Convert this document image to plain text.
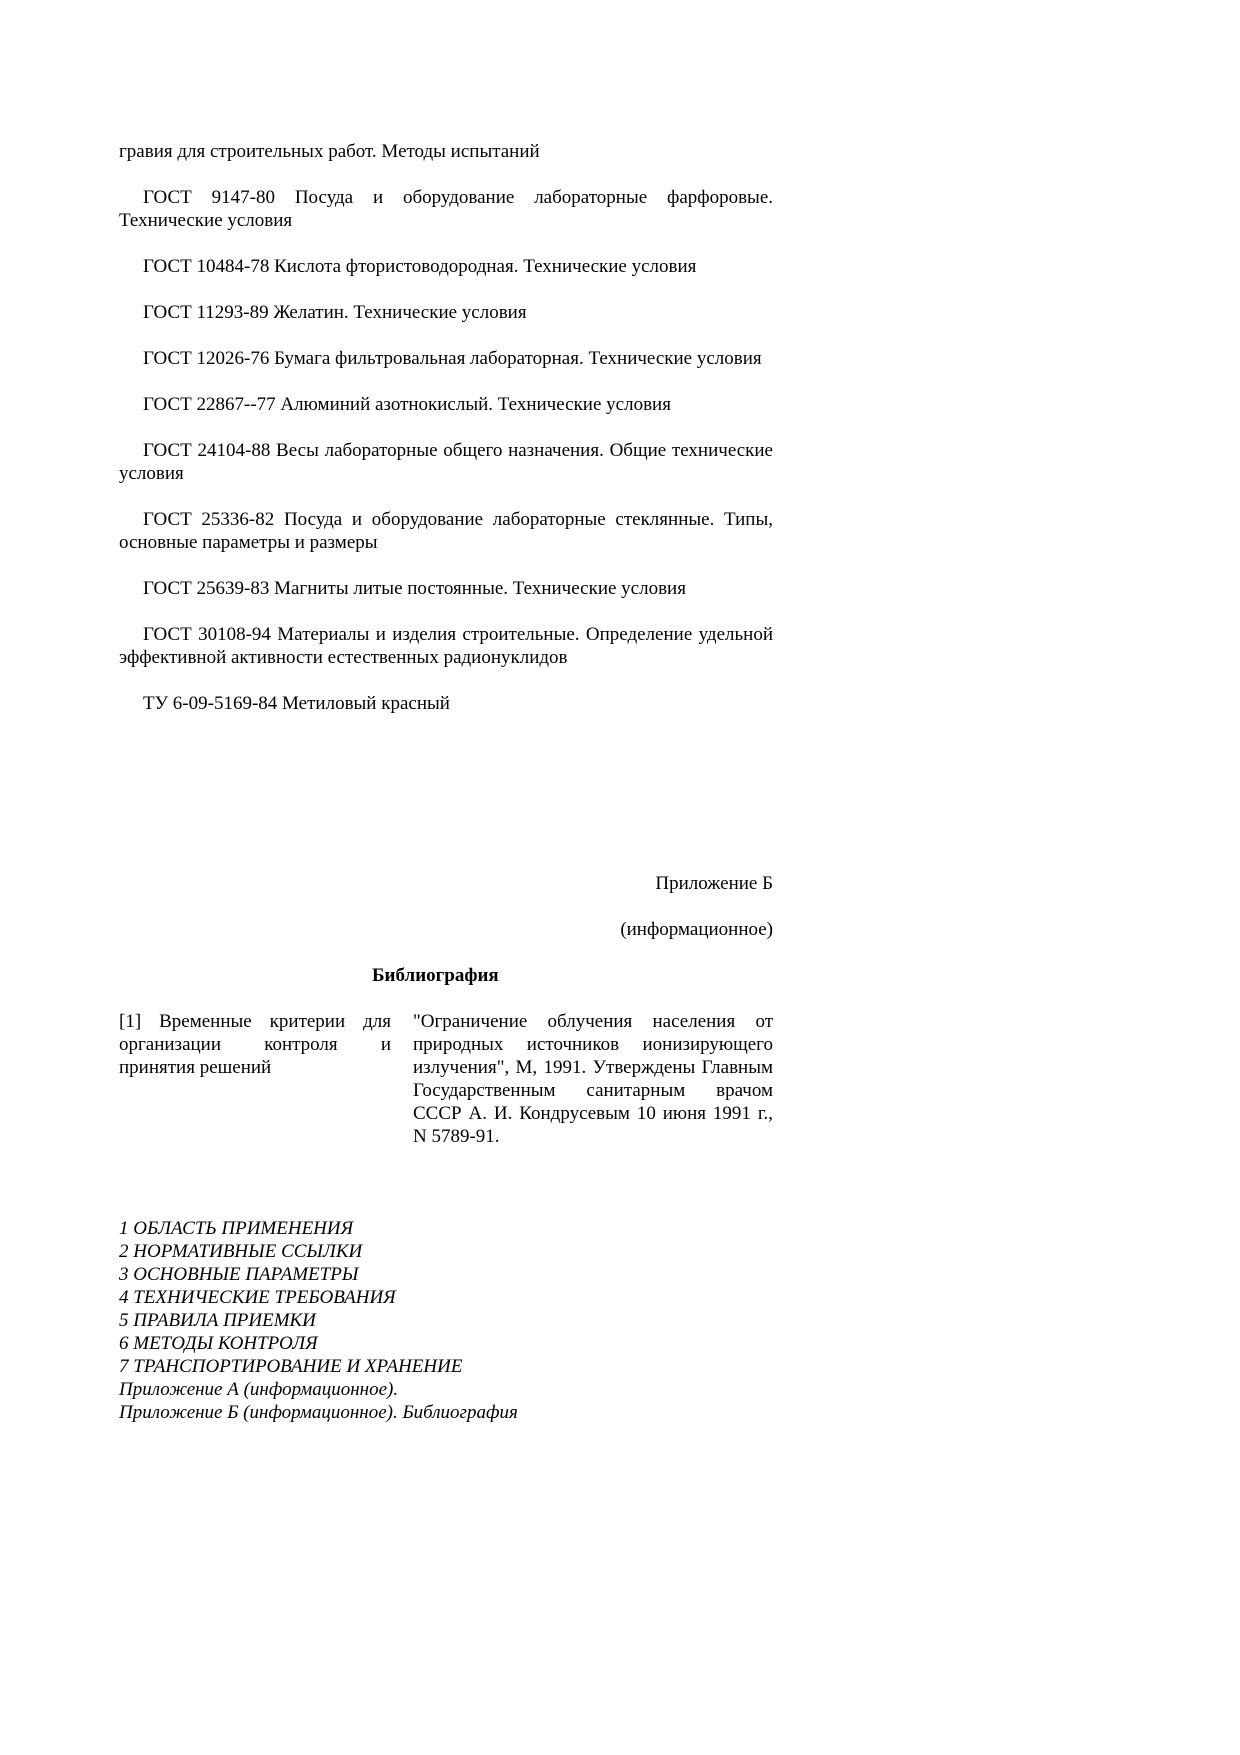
гравия для строительных работ. Методы испытаний

ГОСТ 9147-80 Посуда и оборудование лабораторные фарфоровые. Технические условия

ГОСТ 10484-78 Кислота фтористоводородная. Технические условия

ГОСТ 11293-89 Желатин. Технические условия

ГОСТ 12026-76 Бумага фильтровальная лабораторная. Технические условия

ГОСТ 22867--77 Алюминий азотнокислый. Технические условия

ГОСТ 24104-88 Весы лабораторные общего назначения. Общие технические условия

ГОСТ 25336-82 Посуда и оборудование лабораторные стеклянные. Типы, основные параметры и размеры

ГОСТ 25639-83 Магниты литые постоянные. Технические условия

ГОСТ 30108-94 Материалы и изделия строительные. Определение удельной эффективной активности естественных радионуклидов

ТУ 6-09-5169-84 Метиловый красный

Приложение Б

(информационное)

Библиография

[1] Временные критерии для организации контроля и принятия решений
"Ограничение облучения населения от природных источников ионизирующего излучения", М, 1991. Утверждены Главным Государственным санитарным врачом СССР А. И. Кондрусевым 10 июня 1991 г., N 5789-91.

1 ОБЛАСТЬ ПРИМЕНЕНИЯ

2 НОРМАТИВНЫЕ ССЫЛКИ

3 ОСНОВНЫЕ ПАРАМЕТРЫ

4 ТЕХНИЧЕСКИЕ ТРЕБОВАНИЯ

5 ПРАВИЛА ПРИЕМКИ

6 МЕТОДЫ КОНТРОЛЯ

7 ТРАНСПОРТИРОВАНИЕ И ХРАНЕНИЕ

Приложение А (информационное).

Приложение Б (информационное). Библиография
